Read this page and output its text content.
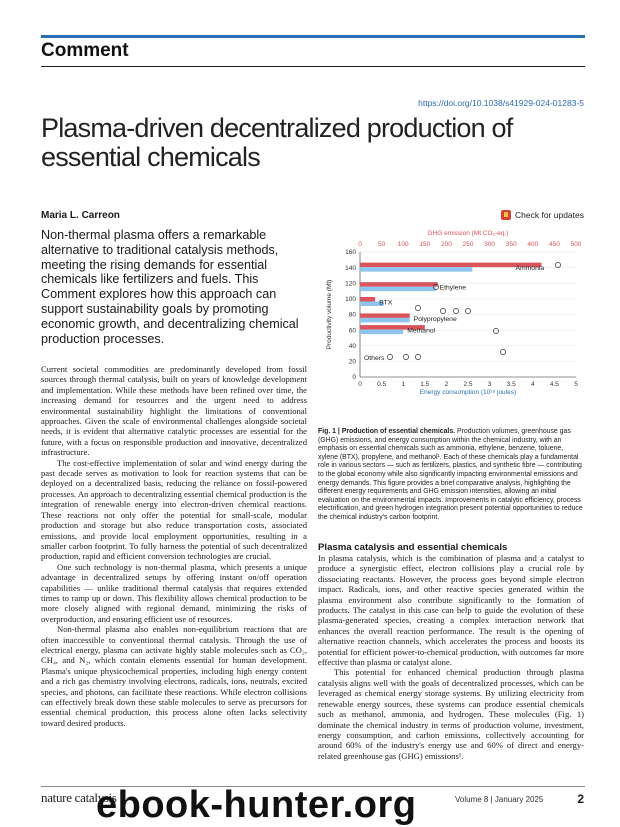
Comment
https://doi.org/10.1038/s41929-024-01283-5
Plasma-driven decentralized production of essential chemicals
Maria L. Carreon	Check for updates
Non-thermal plasma offers a remarkable alternative to traditional catalysis methods, meeting the rising demands for essential chemicals like fertilizers and fuels. This Comment explores how this approach can support sustainability goals by promoting economic growth, and decentralizing chemical production processes.

Current societal commodities are predominantly developed from fossil sources through thermal catalysis, built on years of knowledge development and implementation. While these methods have been refined over time, the increasing demand for resources and the urgent need to address environmental sustainability highlight the limitations of conventional approaches. Given the scale of environmental challenges alongside societal needs, it is evident that alternative catalytic processes are essential for the future, with a focus on responsible production and innovative, decentralized infrastructure.

The cost-effective implementation of solar and wind energy during the past decade serves as motivation to look for reaction systems that can be deployed on a decentralized basis, reducing the reliance on fossil-powered processes. An approach to decentralizing essential chemical production is the integration of renewable energy into electron-driven chemical reactions. These reactions not only offer the potential for small-scale, modular production and storage but also reduce transportation costs, associated emissions, and provide local employment opportunities, resulting in a smaller carbon footprint. To fully harness the potential of such decentralized production, rapid and efficient conversion technologies are crucial.

One such technology is non-thermal plasma, which presents a unique advantage in decentralized setups by offering instant on/off operation capabilities — unlike traditional thermal catalysis that requires extended times to ramp up or down. This flexibility allows chemical production to be more closely aligned with regional demand, minimizing the risks of overproduction, and ensuring efficient use of resources.

Non-thermal plasma also enables non-equilibrium reactions that are often inaccessible to conventional thermal catalysis. Through the use of electrical energy, plasma can activate highly stable molecules such as CO₂, CH₄, and N₂, which contain elements essential for human development. Plasma's unique physicochemical properties, including high energy content and a rich gas chemistry involving electrons, radicals, ions, neutrals, excited species, and photons, can facilitate these reactions. While electron collisions can effectively break down these stable molecules to serve as precursors for essential chemical production, this process alone often lacks selectivity toward desired products.

GHG emission (Mt CO₂-eq.)
0 50 100 150 200 250 300 350 400 450 500
0
20
40
60
80
100
120
140
160
Productivity volume (Mt)
0 0.5 1 1.5 2 2.5 3 3.5 4 4.5 5
Energy consumption (10¹⁸ joules)
Ammonia
Ethylene
BTX
Polypropylene
Methanol
Others
Fig. 1 | Production of essential chemicals. Production volumes, greenhouse gas (GHG) emissions, and energy consumption within the chemical industry, with an emphasis on essential chemicals such as ammonia, ethylene, benzene, toluene, xylene (BTX), propylene, and methanol¹. Each of these chemicals play a fundamental role in various sectors — such as fertilizers, plastics, and synthetic fibre — contributing to the global economy while also significantly impacting environmental emissions and energy demands. This figure provides a brief comparative analysis, highlighting the different energy requirements and GHG emission intensities, allowing an initial evaluation on the environmental impacts. Improvements in catalytic efficiency, process electrification, and green hydrogen integration present potential opportunities to reduce the chemical industry's carbon footprint.
Plasma catalysis and essential chemicals

In plasma catalysis, which is the combination of plasma and a catalyst to produce a synergistic effect, electron collisions play a crucial role by dissociating reactants. However, the process goes beyond simple electron impact. Radicals, ions, and other reactive species generated within the plasma environment also contribute significantly to the formation of products. The catalyst in this case can help to guide the evolution of these plasma-generated species, creating a complex interaction network that enhances the overall reaction performance. The result is the opening of alternative reaction channels, which accelerates the process and boosts its potential for efficient power-to-chemical production, with outcomes far more effective than plasma or catalyst alone.

This potential for enhanced chemical production through plasma catalysis aligns well with the goals of decentralized processes, which can be leveraged as chemical energy storage systems. By utilizing electricity from renewable energy sources, these systems can produce essential chemicals such as methanol, ammonia, and hydrogen. These molecules (Fig. 1) dominate the chemical industry in terms of production volume, investment, energy consumption, and carbon emissions, collectively accounting for around 60% of the industry's energy use and 60% of direct and energy-related greenhouse gas (GHG) emissions¹.

nature catalysis	Volume 8 | January 2025	2
ebook-hunter.org
